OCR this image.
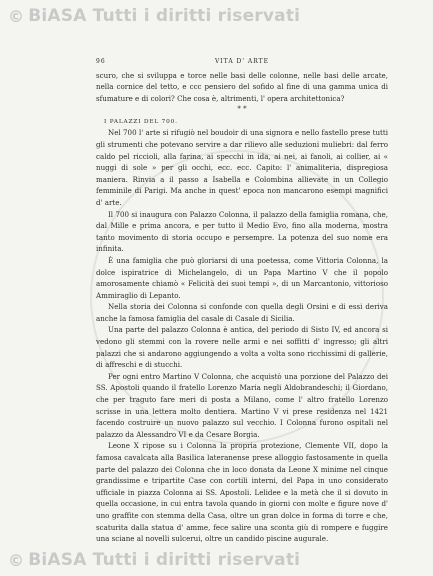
© BiASA Tutti i diritti riservati
96	VITA D' ARTE

scuro, che si sviluppa e torce nelle basi delle colonne, nelle basi delle arcate, nella cornice del tetto, e ccc pensiero del sofido al fine di una gamma unica di sfumature e di colori? Che cosa è, altrimenti, l' opera architettonica?

* *
I PALAZZI DEL 700.

Nel 700 l' arte si rifugiò nel boudoir di una signora e nello fastello prese tutti gli strumenti che potevano servire a dar rilievo alle seduzioni muliebri: dal ferro caldo pel riccioli, alla farina, ai specchi in ida, ai nei, ai fanoli, ai collier, ai « nuggi di sole » per gli occhi, ecc. ecc. Capito: l' animaliteria, dispregiosa maniera. Rinvia a il passo a Isabella e Colombina allievate in un Collegio femminile di Parigi. Ma anche in quest' epoca non mancarono esempi magnifici d' arte.

Il 700 si inaugura con Palazzo Colonna, il palazzo della famiglia romana, che, dal Mille e prima ancora, e per tutto il Medio Evo, fino alla moderna, mostra tanto movimento di storia occupo e persempre. La potenza del suo nome era infinita.

È una famiglia che può gloriarsi di una poetessa, come Vittoria Colonna, la dolce ispiratrice di Michelangelo, di un Papa Martino V che il popolo amorosamente chiamò « Felicità dei suoi tempi », di un Marcantonio, vittorioso Ammiraglio di Lepanto.

Nella storia dei Colonna si confonde con quella degli Orsini e di essi deriva anche la famosa famiglia del casale di Casale di Sicilia.

Una parte del palazzo Colonna è antica, del periodo di Sisto IV, ed ancora si vedono gli stemmi con la rovere nelle armi e nei soffitti d' ingresso; gli altri palazzi che si andarono aggiungendo a volta a volta sono ricchissimi di gallerie, di affreschi e di stucchi.

Per ogni entro Martino V Colonna, che acquistò una porzione del Palazzo dei SS. Apostoli quando il fratello Lorenzo Maria negli Aldobrandeschi; il Giordano, che per traguto fare meri di posta a Milano, come l' altro fratello Lorenzo scrisse in una lettera molto dentiera. Martino V vi prese residenza nel 1421 facendo costruire un nuovo palazzo sul vecchio. I Colonna furono ospitali nel palazzo da Alessandro VI e da Cesare Borgia.

Leone X ripose su i Colonna la propria protezione, Clemente VII, dopo la famosa cavalcata alla Basilica lateranense prese alloggio fastosamente in quella parte del palazzo dei Colonna che in loco donata da Leone X minime nel cinque grandissime e tripartite Case con cortili interni, del Papa in uno considerato ufficiale in piazza Colonna ai SS. Apostoli. Lelidee e la metà che il si dovuto in quella occasione, in cui entra tavola quando in giorni con molte e figure nove d' uno graffite con stemma della Casa, oltre un gran dolce in forma di torre e che, scaturita dalla statua d' amme, fece salire una sconta giù di rompere e fuggire una sciane al novelli sulcerui, oltre un candido piscine augurale.

© BiASA Tutti i diritti riservati
